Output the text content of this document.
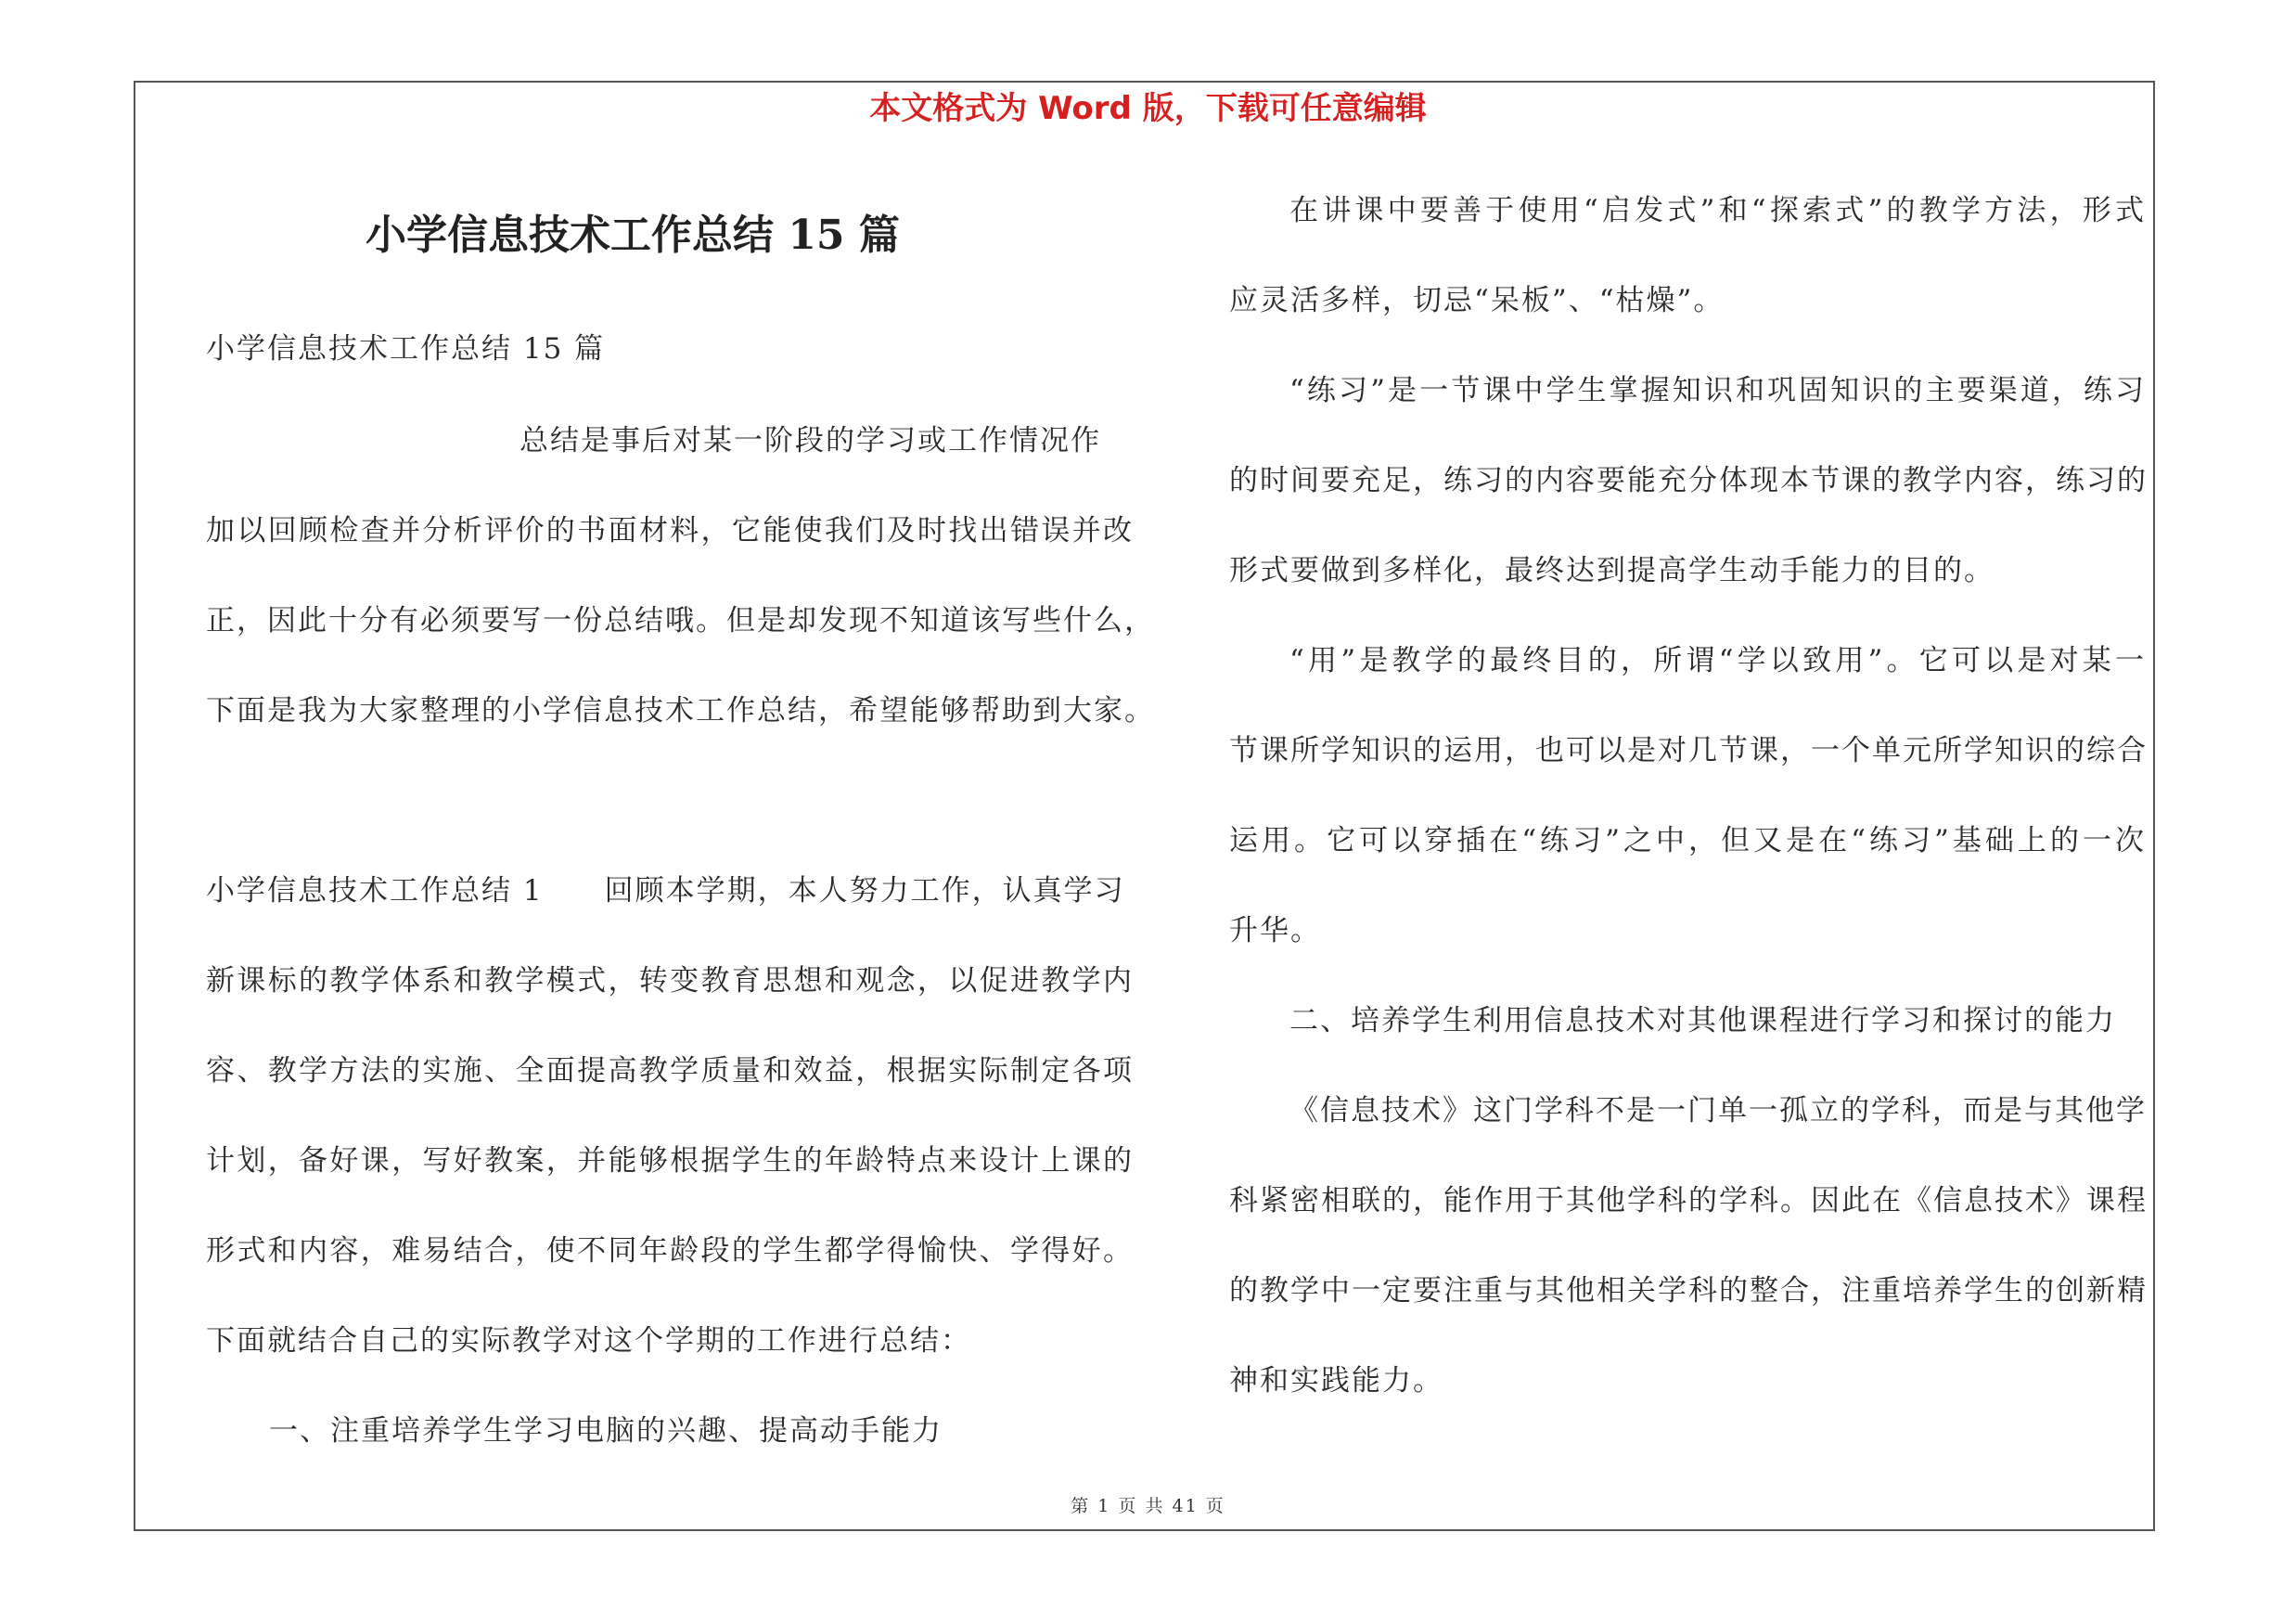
本文格式为 Word 版，下载可任意编辑
小学信息技术工作总结 15 篇
小学信息技术工作总结 15 篇
总结是事后对某一阶段的学习或工作情况作
加以回顾检查并分析评价的书面材料，它能使我们及时找出错误并改
正，因此十分有必须要写一份总结哦。但是却发现不知道该写些什么，
下面是我为大家整理的小学信息技术工作总结，希望能够帮助到大家。
小学信息技术工作总结 1　　回顾本学期，本人努力工作，认真学习
新课标的教学体系和教学模式，转变教育思想和观念，以促进教学内
容、教学方法的实施、全面提高教学质量和效益，根据实际制定各项
计划，备好课，写好教案，并能够根据学生的年龄特点来设计上课的
形式和内容，难易结合，使不同年龄段的学生都学得愉快、学得好。
下面就结合自己的实际教学对这个学期的工作进行总结：
一、注重培养学生学习电脑的兴趣、提高动手能力
在讲课中要善于使用“启发式”和“探索式”的教学方法，形式
应灵活多样，切忌“呆板”、“枯燥”。
“练习”是一节课中学生掌握知识和巩固知识的主要渠道，练习
的时间要充足，练习的内容要能充分体现本节课的教学内容，练习的
形式要做到多样化，最终达到提高学生动手能力的目的。
“用”是教学的最终目的，所谓“学以致用”。它可以是对某一
节课所学知识的运用，也可以是对几节课，一个单元所学知识的综合
运用。它可以穿插在“练习”之中，但又是在“练习”基础上的一次
升华。
二、培养学生利用信息技术对其他课程进行学习和探讨的能力
《信息技术》这门学科不是一门单一孤立的学科，而是与其他学
科紧密相联的，能作用于其他学科的学科。因此在《信息技术》课程
的教学中一定要注重与其他相关学科的整合，注重培养学生的创新精
神和实践能力。
第 1 页 共 41 页
